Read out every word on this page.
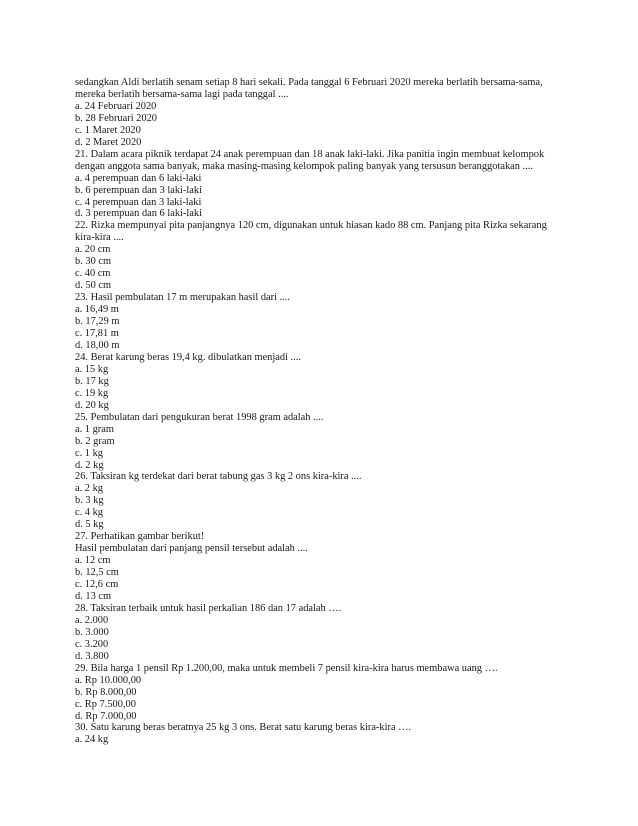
sedangkan Aldi berlatih senam setiap 8 hari sekali. Pada tanggal 6 Februari 2020 mereka berlatih bersama-sama,
mereka berlatih bersama-sama lagi pada tanggal ....
a. 24 Februari 2020
b. 28 Februari 2020
c. 1 Maret 2020
d. 2 Maret 2020
21. Dalam acara piknik terdapat 24 anak perempuan dan 18 anak laki-laki. Jika panitia ingin membuat kelompok
dengan anggota sama banyak, maka masing-masing kelompok paling banyak yang tersusun beranggotakan ....
a. 4 perempuan dan 6 laki-laki
b. 6 perempuan dan 3 laki-laki
c. 4 perempuan dan 3 laki-laki
d. 3 perempuan dan 6 laki-laki
22. Rizka mempunyai pita panjangnya 120 cm, digunakan untuk hiasan kado 88 cm. Panjang pita Rizka sekarang
kira-kira ....
a. 20 cm
b. 30 cm
c. 40 cm
d. 50 cm
23. Hasil pembulatan 17 m merupakan hasil dari ....
a. 16,49 m
b. 17,29 m
c. 17,81 m
d. 18,00 m
24. Berat karung beras 19,4 kg. dibulatkan menjadi ....
a. 15 kg
b. 17 kg
c. 19 kg
d. 20 kg
25. Pembulatan dari pengukuran berat 1998 gram adalah ....
a. 1 gram
b. 2 gram
c. 1 kg
d. 2 kg
26. Taksiran kg terdekat dari berat tabung gas 3 kg 2 ons kira-kira ....
a. 2 kg
b. 3 kg
c. 4 kg
d. 5 kg
27. Perhatikan gambar berikut!
Hasil pembulatan dari panjang pensil tersebut adalah ....
a. 12 cm
b. 12,5 cm
c. 12,6 cm
d. 13 cm
28. Taksiran terbaik untuk hasil perkalian 186 dan 17 adalah ….
a. 2.000
b. 3.000
c. 3.200
d. 3.800
29. Bila harga 1 pensil Rp 1.200,00, maka untuk membeli 7 pensil kira-kira harus membawa uang ….
a. Rp 10.000,00
b. Rp 8.000,00
c. Rp 7.500,00
d. Rp 7.000,00
30. Satu karung beras beratnya 25 kg 3 ons. Berat satu karung beras kira-kira ….
a. 24 kg
